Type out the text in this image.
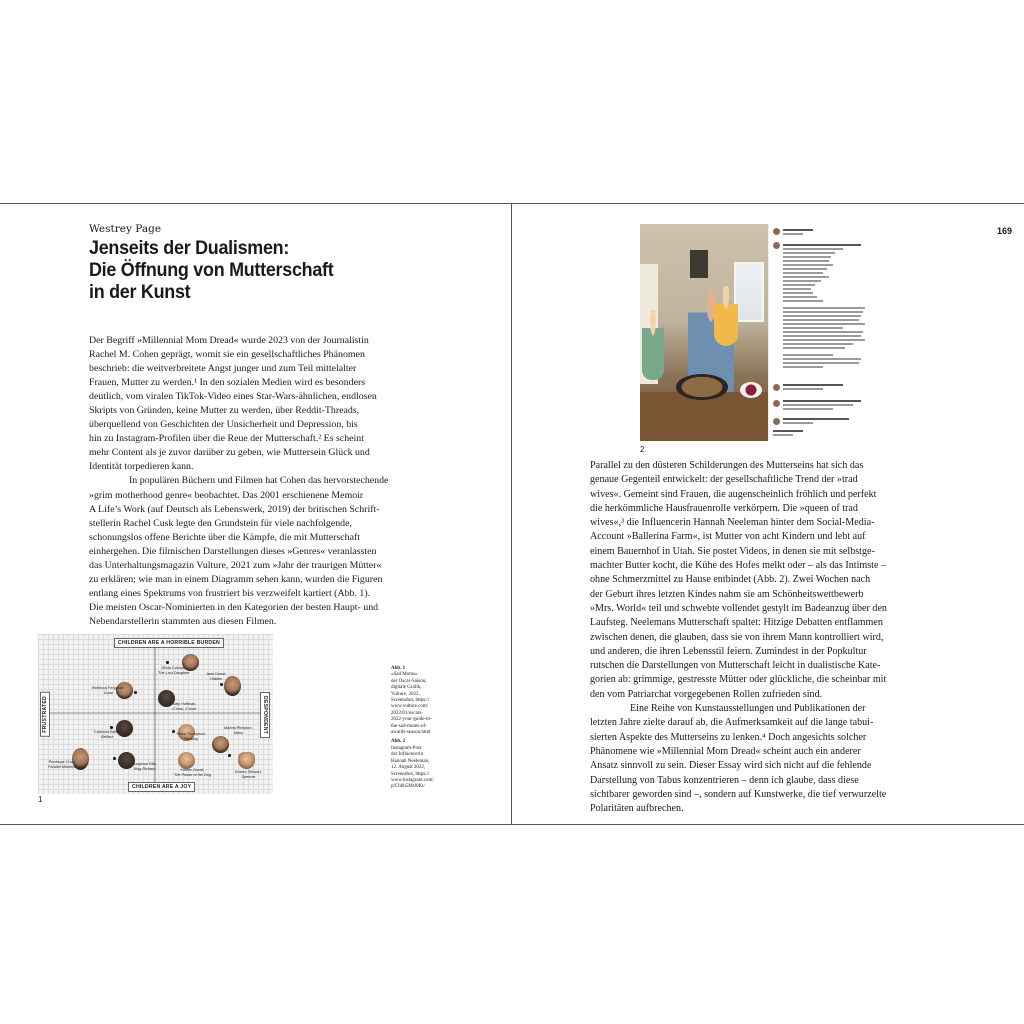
Westrey Page
Jenseits der Dualismen:
Die Öffnung von Mutterschaft
in der Kunst
Der Begriff »Millennial Mom Dread« wurde 2023 von der Journalistin
Rachel M. Cohen geprägt, womit sie ein gesellschaftliches Phänomen
beschrieb: die weitverbreitete Angst junger und zum Teil mittelalter
Frauen, Mutter zu werden.¹ In den sozialen Medien wird es besonders
deutlich, vom viralen TikTok-Video eines Star-Wars-ähnlichen, endlosen
Skripts von Gründen, keine Mutter zu werden, über Reddit-Threads,
überquellend von Geschichten der Unsicherheit und Depression, bis
hin zu Instagram-Profilen über die Reue der Mutterschaft.² Es scheint
mehr Content als je zuvor darüber zu geben, wie Muttersein Glück und
Identität torpedieren kann.
In populären Büchern und Filmen hat Cohen das hervorstechende
»grim motherhood genre« beobachtet. Das 2001 erschienene Memoir
A Life’s Work (auf Deutsch als Lebenswerk, 2019) der britischen Schrift-
stellerin Rachel Cusk legte den Grundstein für viele nachfolgende,
schonungslos offene Berichte über die Kämpfe, die mit Mutterschaft
einhergehen. Die filmischen Darstellungen dieses »Genres« veranlassten
das Unterhaltungsmagazin Vulture, 2021 zum »Jahr der traurigen Mütter«
zu erklären; wie man in einem Diagramm sehen kann, wurden die Figuren
entlang eines Spektrums von frustriert bis verzweifelt kartiert (Abb. 1).
Die meisten Oscar-Nominierten in den Kategorien der besten Haupt- und
Nebendarstellerin stammten aus diesen Filmen.
CHILDREN ARE A HORRIBLE BURDEN
CHILDREN ARE A JOY
FRUSTRATED	DESPONDENT
Olivia Colman,
The Lost Daughter	Jane Dunst,
Hidden
Rebecca Ferguson,
Dune
Toby Hoffman,
C'mon, C'mon
Caitriona Balfe,
Belfast
Tessa Thompson,
Passing
Martha Plimpton,
Mass
Penélope Cruz,
Parallel Mothers
Aunjanue Ellis,
King Richard	Kirsten Dunst,
The Power of the Dog
Kristen Stewart,
Spencer
1
Abb. 1
»Sad Moms«
der Oscar-Saison,
digitale Grafik,
Vulture, 2022,
Screenshot, https://
www.vulture.com/
2022/01/oscars-
2022-your-guide-to-
the-sad-moms-of-
awards-season.html
Abb. 2
Instagram-Post
der Influencerin
Hannah Neeleman,
12. August 2022,
Screenshot, https://
www.instagram.com/
p/Ch6h5MtJ0Kt/
169
2
Parallel zu den düsteren Schilderungen des Mutterseins hat sich das
genaue Gegenteil entwickelt: der gesellschaftliche Trend der »trad
wives«. Gemeint sind Frauen, die augenscheinlich fröhlich und perfekt
die herkömmliche Hausfrauenrolle verkörpern. Die »queen of trad
wives«,³ die Influencerin Hannah Neeleman hinter dem Social-Media-
Account »Ballerina Farm«, ist Mutter von acht Kindern und lebt auf
einem Bauernhof in Utah. Sie postet Videos, in denen sie mit selbstge-
machter Butter kocht, die Kühe des Hofes melkt oder – als das Intimste –
ohne Schmerzmittel zu Hause entbindet (Abb. 2). Zwei Wochen nach
der Geburt ihres letzten Kindes nahm sie am Schönheitswettbewerb
»Mrs. World« teil und schwebte vollendet gestylt im Badeanzug über den
Laufsteg. Neelemans Mutterschaft spaltet: Hitzige Debatten entflammen
zwischen denen, die glauben, dass sie von ihrem Mann kontrolliert wird,
und anderen, die ihren Lebensstil feiern. Zumindest in der Popkultur
rutschen die Darstellungen von Mutterschaft leicht in dualistische Kate-
gorien ab: grimmige, gestresste Mütter oder glückliche, die scheinbar mit
den vom Patriarchat vorgegebenen Rollen zufrieden sind.
Eine Reihe von Kunstausstellungen und Publikationen der
letzten Jahre zielte darauf ab, die Aufmerksamkeit auf die lange tabui-
sierten Aspekte des Mutterseins zu lenken.⁴ Doch angesichts solcher
Phänomene wie »Millennial Mom Dread« scheint auch ein anderer
Ansatz sinnvoll zu sein. Dieser Essay wird sich nicht auf die fehlende
Darstellung von Tabus konzentrieren – denn ich glaube, dass diese
sichtbarer geworden sind –, sondern auf Kunstwerke, die tief verwurzelte
Polaritäten aufbrechen.
